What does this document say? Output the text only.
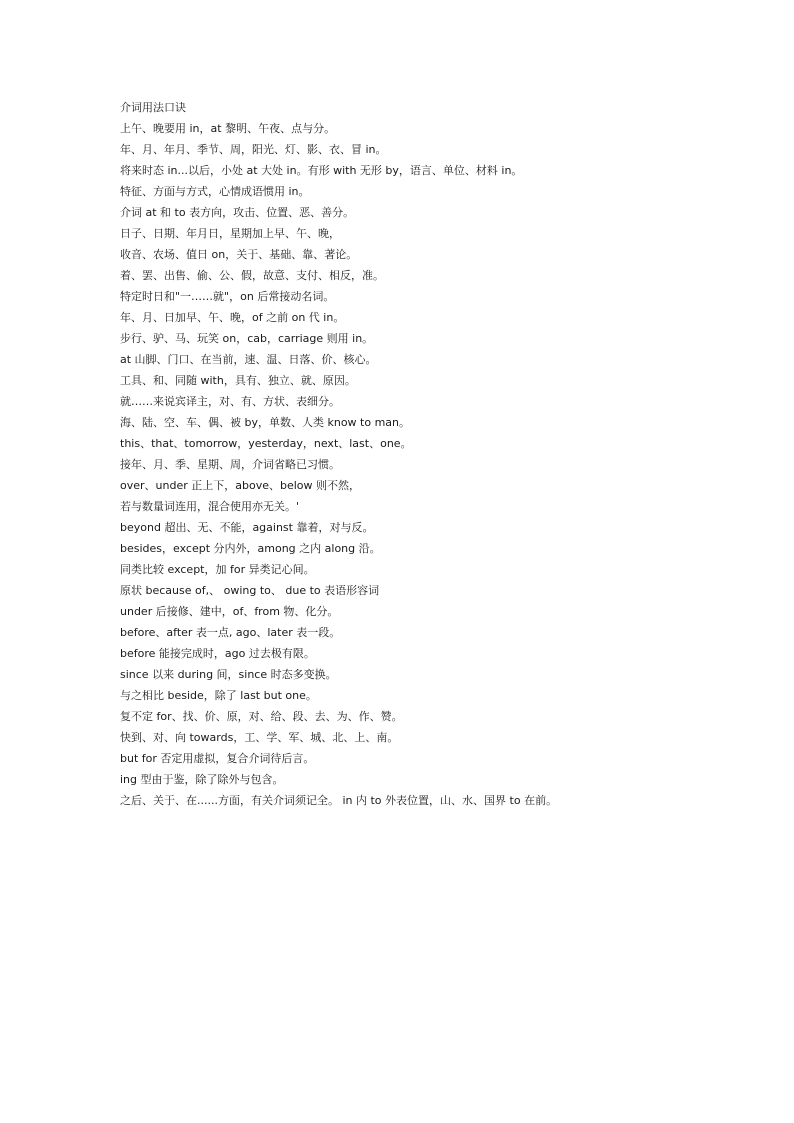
介词用法口诀
上午、晚要用 in，at 黎明、午夜、点与分。
年、月、年月、季节、周，阳光、灯、影、衣、冒 in。
将来时态 in...以后，小处 at 大处 in。有形 with 无形 by，语言、单位、材料 in。
特征、方面与方式，心情成语惯用 in。
介词 at 和 to 表方向，攻击、位置、恶、善分。
日子、日期、年月日，星期加上早、午、晚，
收音、农场、值日 on，关于、基础、靠、著论。
着、罢、出售、偷、公、假，故意、支付、相反，准。
特定时日和"一……就"，on 后常接动名词。
年、月、日加早、午、晚，of 之前 on 代 in。
步行、驴、马、玩笑 on，cab，carriage 则用 in。
at 山脚、门口、在当前，速、温、日落、价、核心。
工具、和、同随 with，具有、独立、就、原因。
就……来说宾译主，对、有、方状、表细分。
海、陆、空、车、偶、被 by，单数、人类 know to man。
this、that、tomorrow，yesterday，next、last、one。
接年、月、季、星期、周，介词省略已习惯。
over、under 正上下，above、below 则不然，
若与数量词连用，混合使用亦无关。'
beyond 超出、无、不能，against 靠着，对与反。
besides，except 分内外，among 之内 along 沿。
同类比较 except，加 for 异类记心间。
原状 because of,、 owing to、 due to 表语形容词
under 后接修、建中，of、from 物、化分。
before、after 表一点, ago、later 表一段。
before 能接完成时，ago 过去极有限。
since 以来 during 间，since 时态多变换。
与之相比 beside，除了 last but one。
复不定 for、找、价、原，对、给、段、去、为、作、赞。
快到、对、向 towards，工、学、军、城、北、上、南。
but for 否定用虚拟，复合介词待后言。
ing 型由于鉴，除了除外与包含。
之后、关于、在......方面，有关介词须记全。 in 内 to 外表位置，山、水、国界 to 在前。
